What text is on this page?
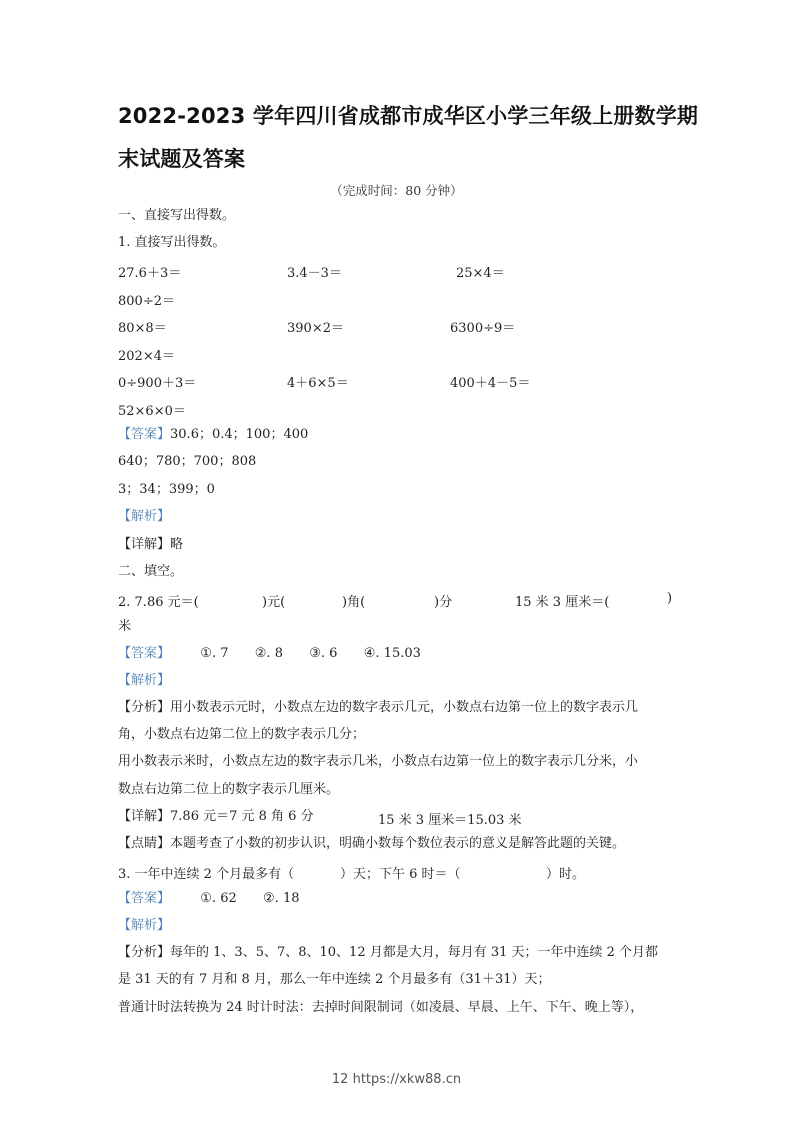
2022-2023 学年四川省成都市成华区小学三年级上册数学期
末试题及答案
（完成时间：80 分钟）
一、直接写出得数。
1. 直接写出得数。
27.6＋3＝	3.4－3＝	25×4＝
800÷2＝
80×8＝	390×2＝	6300÷9＝
202×4＝
0÷900＋3＝	4＋6×5＝	400＋4－5＝
52×6×0＝
【答案】30.6；0.4；100；400
640；780；700；808
3；34；399；0
【解析】
【详解】略
二、填空。
2. 7.86 元＝(	)元(	)角(	)分	15 米 3 厘米＝(	)
米
【答案】 ①. 7 ②. 8 ③. 6 ④. 15.03
【解析】
【分析】用小数表示元时，小数点左边的数字表示几元，小数点右边第一位上的数字表示几
角，小数点右边第二位上的数字表示几分；
用小数表示米时，小数点左边的数字表示几米，小数点右边第一位上的数字表示几分米，小
数点右边第二位上的数字表示几厘米。
【详解】7.86 元＝7 元 8 角 6 分	15 米 3 厘米＝15.03 米
【点睛】本题考查了小数的初步认识，明确小数每个数位表示的意义是解答此题的关键。
3. 一年中连续 2 个月最多有（	）天；下午 6 时＝（	）时。
【答案】 ①. 62 ②. 18
【解析】
【分析】每年的 1、3、5、7、8、10、12 月都是大月，每月有 31 天；一年中连续 2 个月都
是 31 天的有 7 月和 8 月，那么一年中连续 2 个月最多有（31＋31）天；
普通计时法转换为 24 时计时法：去掉时间限制词（如凌晨、早晨、上午、下午、晚上等），
12 https://xkw88.cn
